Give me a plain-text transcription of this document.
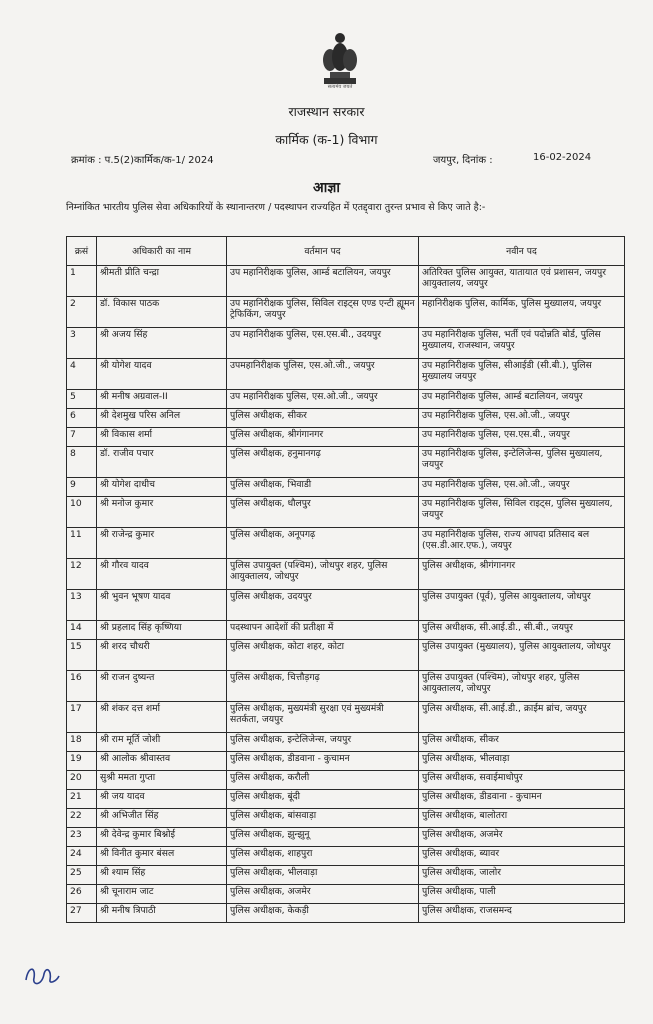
सत्यमेव जयते
राजस्थान सरकार
कार्मिक (क-1) विभाग
क्रमांक : प.5(2)कार्मिक/क-1/ 2024	जयपुर, दिनांक :	16-02-2024
आज्ञा
निम्नांकित भारतीय पुलिस सेवा अधिकारियों के स्थानान्तरण / पदस्थापन राज्यहित में एतद्द्वारा तुरन्त प्रभाव से किए जाते है:-
क्रसं	अधिकारी का नाम	वर्तमान पद	नवीन पद
1	श्रीमती प्रीति चन्द्रा	उप महानिरीक्षक पुलिस, आर्म्ड बटालियन, जयपुर	अतिरिक्त पुलिस आयुक्त, यातायात एवं प्रशासन, जयपुर आयुक्तालय, जयपुर
2	डॉ. विकास पाठक	उप महानिरीक्षक पुलिस, सिविल राइट्स एण्ड एन्टी ह्यूमन ट्रेफिकिंग, जयपुर	महानिरीक्षक पुलिस, कार्मिक, पुलिस मुख्यालय, जयपुर
3	श्री अजय सिंह	उप महानिरीक्षक पुलिस, एस.एस.बी., उदयपुर	उप महानिरीक्षक पुलिस, भर्ती एवं पदोन्नति बोर्ड, पुलिस मुख्यालय, राजस्थान, जयपुर
4	श्री योगेश यादव	उपमहानिरीक्षक पुलिस, एस.ओ.जी., जयपुर	उप महानिरीक्षक पुलिस, सीआईडी (सी.बी.), पुलिस मुख्यालय जयपुर
5	श्री मनीष अग्रवाल-II	उप महानिरीक्षक पुलिस, एस.ओ.जी., जयपुर	उप महानिरीक्षक पुलिस, आर्म्ड बटालियन, जयपुर
6	श्री देशमुख परिस अनिल	पुलिस अधीक्षक, सीकर	उप महानिरीक्षक पुलिस, एस.ओ.जी., जयपुर
7	श्री विकास शर्मा	पुलिस अधीक्षक, श्रीगंगानगर	उप महानिरीक्षक पुलिस, एस.एस.बी., जयपुर
8	डॉ. राजीव पचार	पुलिस अधीक्षक, हनुमानगढ़	उप महानिरीक्षक पुलिस, इन्टेलिजेन्स, पुलिस मुख्यालय, जयपुर
9	श्री योगेश दाधीच	पुलिस अधीक्षक, भिवाडी	उप महानिरीक्षक पुलिस, एस.ओ.जी., जयपुर
10	श्री मनोज कुमार	पुलिस अधीक्षक, धौलपुर	उप महानिरीक्षक पुलिस, सिविल राइट्स, पुलिस मुख्यालय, जयपुर
11	श्री राजेन्द्र कुमार	पुलिस अधीक्षक, अनूपगढ़	उप महानिरीक्षक पुलिस, राज्य आपदा प्रतिसाद बल (एस.डी.आर.एफ.), जयपुर
12	श्री गौरव यादव	पुलिस उपायुक्त (पश्चिम), जोधपुर शहर, पुलिस आयुक्तालय, जोधपुर	पुलिस अधीक्षक, श्रीगंगानगर
13	श्री भुवन भूषण यादव	पुलिस अधीक्षक, उदयपुर	पुलिस उपायुक्त (पूर्व), पुलिस आयुक्तालय, जोधपुर
14	श्री प्रहलाद सिंह कृष्णिया	पदस्थापन आदेशों की प्रतीक्षा में	पुलिस अधीक्षक, सी.आई.डी., सी.बी., जयपुर
15	श्री शरद चौधरी	पुलिस अधीक्षक, कोटा शहर, कोटा	पुलिस उपायुक्त (मुख्यालय), पुलिस आयुक्तालय, जोधपुर
16	श्री राजन दुष्यन्त	पुलिस अधीक्षक, चित्तौड़गढ़	पुलिस उपायुक्त (पश्चिम), जोधपुर शहर, पुलिस आयुक्तालय, जोधपुर
17	श्री शंकर दत्त शर्मा	पुलिस अधीक्षक, मुख्यमंत्री सुरक्षा एवं मुख्यमंत्री सतर्कता, जयपुर	पुलिस अधीक्षक, सी.आई.डी., क्राईम ब्रांच, जयपुर
18	श्री राम मूर्ति जोशी	पुलिस अधीक्षक, इन्टेलिजेन्स, जयपुर	पुलिस अधीक्षक, सीकर
19	श्री आलोक श्रीवास्तव	पुलिस अधीक्षक, डीडवाना - कुचामन	पुलिस अधीक्षक, भीलवाड़ा
20	सुश्री ममता गुप्ता	पुलिस अधीक्षक, करौली	पुलिस अधीक्षक, सवाईमाधोपुर
21	श्री जय यादव	पुलिस अधीक्षक, बूंदी	पुलिस अधीक्षक, डीडवाना - कुचामन
22	श्री अभिजीत सिंह	पुलिस अधीक्षक, बांसवाड़ा	पुलिस अधीक्षक, बालोतरा
23	श्री देवेन्द्र कुमार बिश्नोई	पुलिस अधीक्षक, झुन्झुनू	पुलिस अधीक्षक, अजमेर
24	श्री विनीत कुमार बंसल	पुलिस अधीक्षक, शाहपुरा	पुलिस अधीक्षक, ब्यावर
25	श्री श्याम सिंह	पुलिस अधीक्षक, भीलवाड़ा	पुलिस अधीक्षक, जालोर
26	श्री चूनाराम जाट	पुलिस अधीक्षक, अजमेर	पुलिस अधीक्षक, पाली
27	श्री मनीष त्रिपाठी	पुलिस अधीक्षक, केकड़ी	पुलिस अधीक्षक, राजसमन्द
